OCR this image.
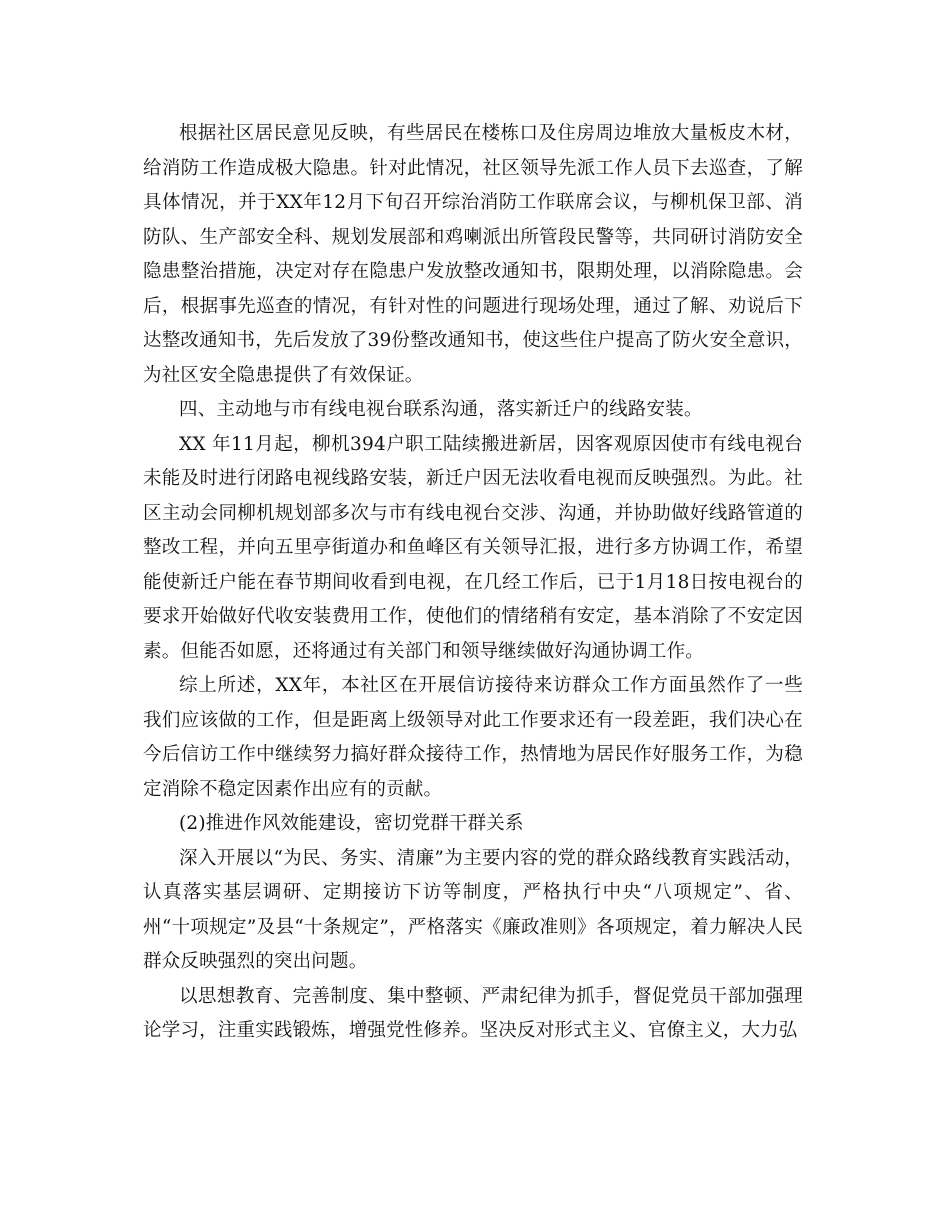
根据社区居民意见反映，有些居民在楼栋口及住房周边堆放大量板皮木材，给消防工作造成极大隐患。针对此情况，社区领导先派工作人员下去巡查，了解具体情况，并于XX年12月下旬召开综治消防工作联席会议，与柳机保卫部、消防队、生产部安全科、规划发展部和鸡喇派出所管段民警等，共同研讨消防安全隐患整治措施，决定对存在隐患户发放整改通知书，限期处理，以消除隐患。会后，根据事先巡查的情况，有针对性的问题进行现场处理，通过了解、劝说后下达整改通知书，先后发放了39份整改通知书，使这些住户提高了防火安全意识，为社区安全隐患提供了有效保证。

四、主动地与市有线电视台联系沟通，落实新迁户的线路安装。

XX 年11月起，柳机394户职工陆续搬进新居，因客观原因使市有线电视台未能及时进行闭路电视线路安装，新迁户因无法收看电视而反映强烈。为此。社区主动会同柳机规划部多次与市有线电视台交涉、沟通，并协助做好线路管道的整改工程，并向五里亭街道办和鱼峰区有关领导汇报，进行多方协调工作，希望能使新迁户能在春节期间收看到电视，在几经工作后，已于1月18日按电视台的要求开始做好代收安装费用工作，使他们的情绪稍有安定，基本消除了不安定因素。但能否如愿，还将通过有关部门和领导继续做好沟通协调工作。

综上所述，XX年，本社区在开展信访接待来访群众工作方面虽然作了一些我们应该做的工作，但是距离上级领导对此工作要求还有一段差距，我们决心在今后信访工作中继续努力搞好群众接待工作，热情地为居民作好服务工作，为稳定消除不稳定因素作出应有的贡献。

(2)推进作风效能建设，密切党群干群关系

深入开展以“为民、务实、清廉”为主要内容的党的群众路线教育实践活动，认真落实基层调研、定期接访下访等制度，严格执行中央“八项规定”、省、州“十项规定”及县“十条规定”，严格落实《廉政准则》各项规定，着力解决人民群众反映强烈的突出问题。

以思想教育、完善制度、集中整顿、严肃纪律为抓手，督促党员干部加强理论学习，注重实践锻炼，增强党性修养。坚决反对形式主义、官僚主义，大力弘
